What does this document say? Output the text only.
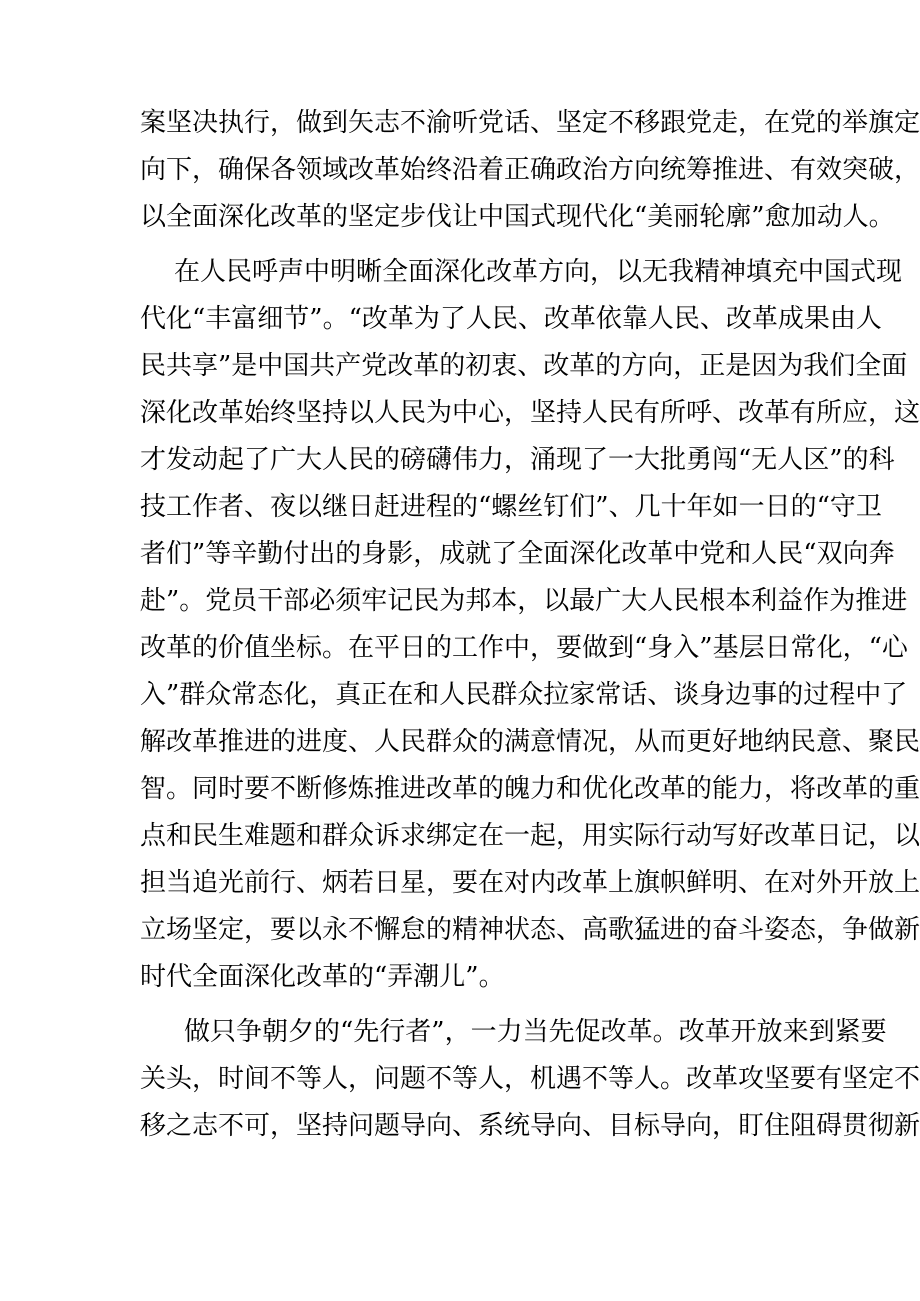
案坚决执行，做到矢志不渝听党话、坚定不移跟党走，在党的举旗定
向下，确保各领域改革始终沿着正确政治方向统筹推进、有效突破，
以全面深化改革的坚定步伐让中国式现代化“美丽轮廓”愈加动人。
在人民呼声中明晰全面深化改革方向，以无我精神填充中国式现
代化“丰富细节”。“改革为了人民、改革依靠人民、改革成果由人
民共享”是中国共产党改革的初衷、改革的方向，正是因为我们全面
深化改革始终坚持以人民为中心，坚持人民有所呼、改革有所应，这
才发动起了广大人民的磅礴伟力，涌现了一大批勇闯“无人区”的科
技工作者、夜以继日赶进程的“螺丝钉们”、几十年如一日的“守卫
者们”等辛勤付出的身影，成就了全面深化改革中党和人民“双向奔
赴”。党员干部必须牢记民为邦本，以最广大人民根本利益作为推进
改革的价值坐标。在平日的工作中，要做到“身入”基层日常化，“心
入”群众常态化，真正在和人民群众拉家常话、谈身边事的过程中了
解改革推进的进度、人民群众的满意情况，从而更好地纳民意、聚民
智。同时要不断修炼推进改革的魄力和优化改革的能力，将改革的重
点和民生难题和群众诉求绑定在一起，用实际行动写好改革日记，以
担当追光前行、炳若日星，要在对内改革上旗帜鲜明、在对外开放上
立场坚定，要以永不懈怠的精神状态、高歌猛进的奋斗姿态，争做新
时代全面深化改革的“弄潮儿”。
做只争朝夕的“先行者”，一力当先促改革。改革开放来到紧要
关头，时间不等人，问题不等人，机遇不等人。改革攻坚要有坚定不
移之志不可，坚持问题导向、系统导向、目标导向，盯住阻碍贯彻新
